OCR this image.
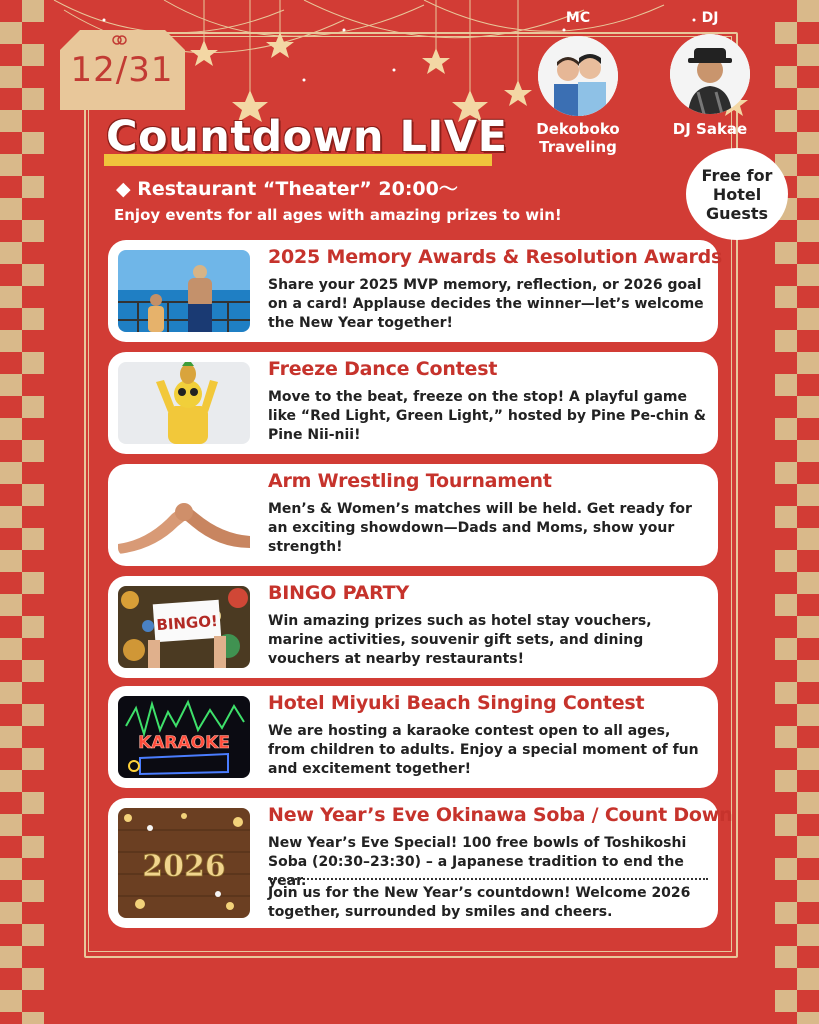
12/31
Countdown LIVE
◆ Restaurant “Theater” 20:00～
Enjoy events for all ages with amazing prizes to win!
MC
Dekoboko Traveling
DJ
DJ Sakae
Free for Hotel Guests
2025 Memory Awards & Resolution Awards
Share your 2025 MVP memory, reflection, or 2026 goal on a card! Applause decides the winner—let’s welcome the New Year together!
Freeze Dance Contest
Move to the beat, freeze on the stop! A playful game like “Red Light, Green Light,” hosted by Pine Pe-chin & Pine Nii-nii!
Arm Wrestling Tournament
Men’s & Women’s matches will be held. Get ready for an exciting showdown—Dads and Moms, show your strength!
BINGO!
BINGO PARTY
Win amazing prizes such as hotel stay vouchers, marine activities, souvenir gift sets, and dining vouchers at nearby restaurants!
KARAOKE
Hotel Miyuki Beach Singing Contest
We are hosting a karaoke contest open to all ages, from children to adults. Enjoy a special moment of fun and excitement together!
2026
New Year’s Eve Okinawa Soba / Count Down
New Year’s Eve Special! 100 free bowls of Toshikoshi Soba (20:30–23:30) – a Japanese tradition to end the year.
Join us for the New Year’s countdown! Welcome 2026 together, surrounded by smiles and cheers.
